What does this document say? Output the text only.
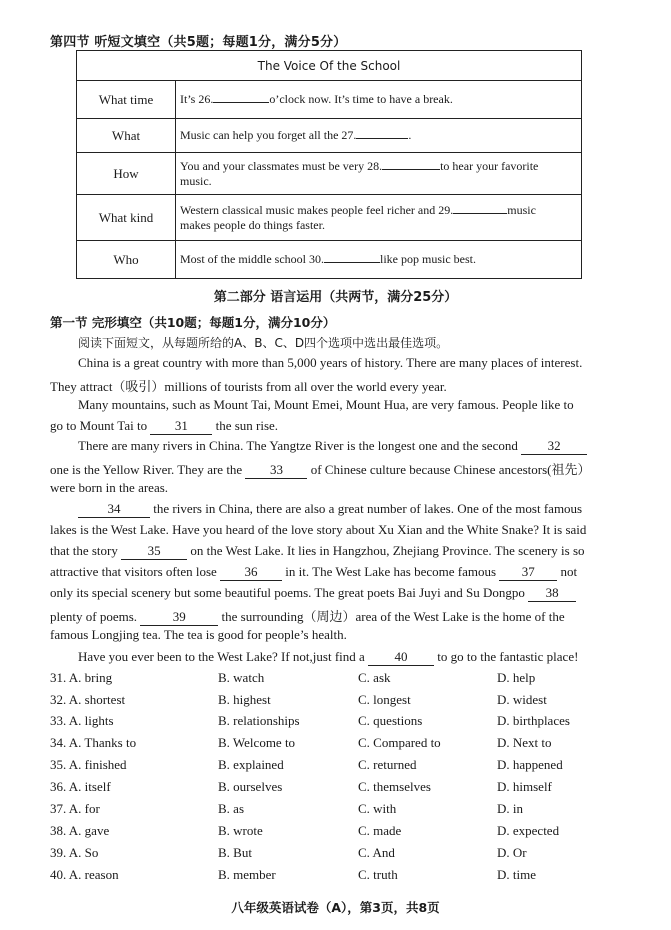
第四节 听短文填空（共5题；每题1分，满分5分）
The Voice Of the School	
What time	It’s 26. o’clock now. It’s time to have a break.
What	Music can help you forget all the 27. .
How	You and your classmates must be very 28. to hear your favorite
music.
What kind	Western classical music makes people feel richer and 29. music
makes people do things faster.
Who	Most of the middle school 30. like pop music best.
第二部分 语言运用（共两节，满分25分）
第一节 完形填空（共10题；每题1分，满分10分）
阅读下面短文，从每题所给的A、B、C、D四个选项中选出最佳选项。
China is a great country with more than 5,000 years of history. There are many places of interest.
They attract（吸引）millions of tourists from all over the world every year.
Many mountains, such as Mount Tai, Mount Emei, Mount Hua, are very famous. People like to
go to Mount Tai to 31 the sun rise.
There are many rivers in China. The Yangtze River is the longest one and the second 32
one is the Yellow River. They are the 33 of Chinese culture because Chinese ancestors(祖先）
were born in the areas.
34	the rivers in China, there are also a great number of lakes. One of the most famous
lakes is the West Lake. Have you heard of the love story about Xu Xian and the White Snake? It is said
that the story 35 on the West Lake. It lies in Hangzhou, Zhejiang Province. The scenery is so
attractive that visitors often lose 36 in it. The West Lake has become famous 37 not
only its special scenery but some beautiful poems. The great poets Bai Juyi and Su Dongpo 38
plenty of poems.	39	the surrounding（周边）area of the West Lake is the home of the
famous Longjing tea. The tea is good for people’s health.
Have you ever been to the West Lake? If not,just find a 40 to go to the fantastic place!
31. A. bring	B. watch	C. ask	D. help
32. A. shortest	B. highest	C. longest	D. widest
33. A. lights	B. relationships	C. questions	D. birthplaces
34. A. Thanks to	B. Welcome to	C. Compared to	D. Next to
35. A. finished	B. explained	C. returned	D. happened
36. A. itself	B. ourselves	C. themselves	D. himself
37. A. for	B. as	C. with	D. in
38. A. gave	B. wrote	C. made	D. expected
39. A. So	B. But	C. And	D. Or
40. A. reason	B. member	C. truth	D. time
八年级英语试卷（A），第3页，共8页
